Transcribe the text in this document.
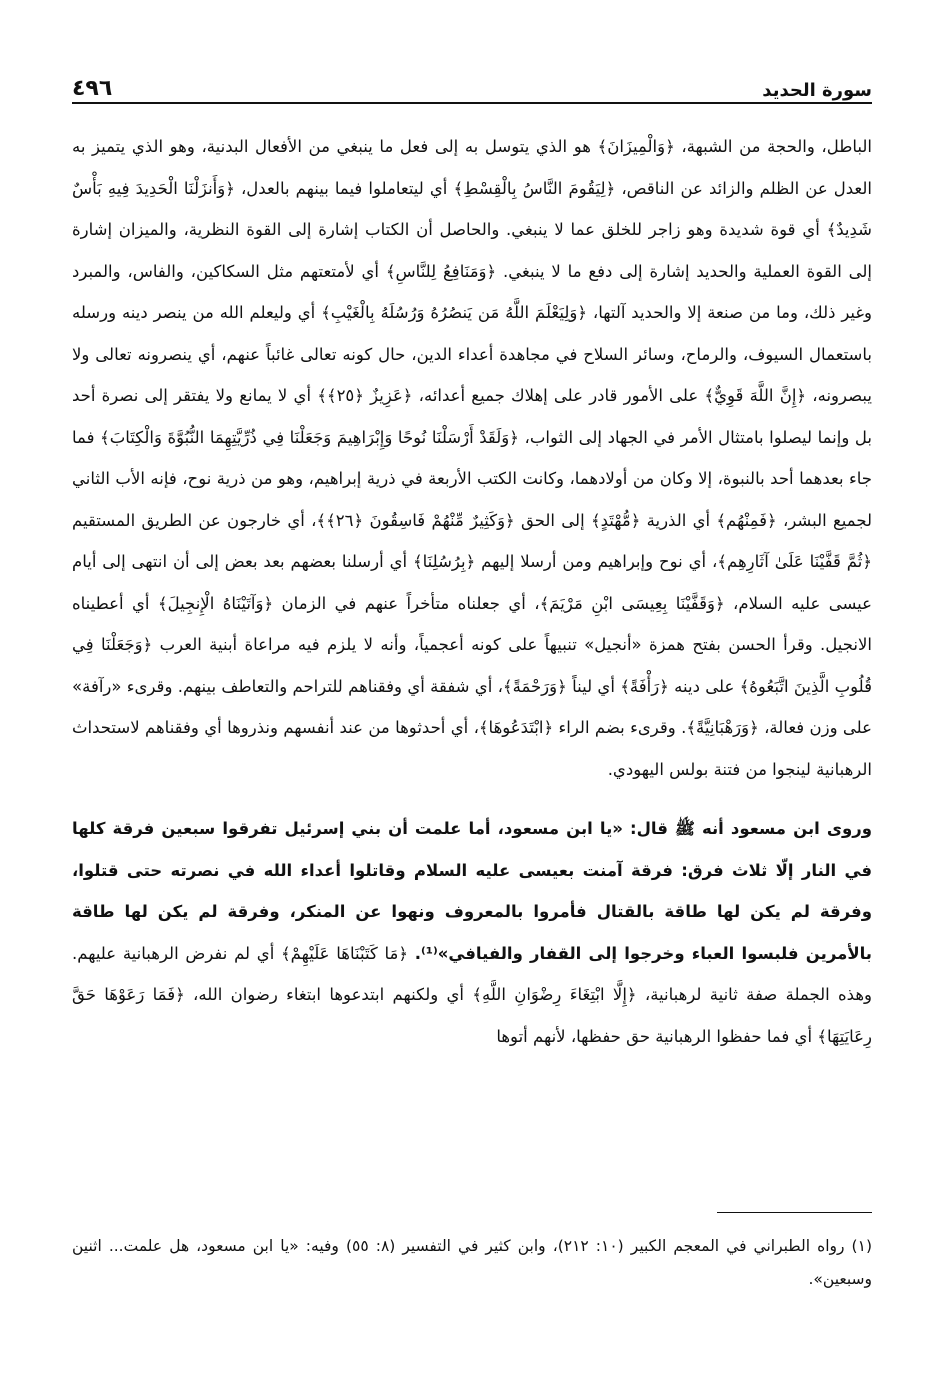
سورة الحديد
٤٩٦

الباطل، والحجة من الشبهة، ﴿وَالْمِيزَانَ﴾ هو الذي يتوسل به إلى فعل ما ينبغي من الأفعال البدنية، وهو الذي يتميز به العدل عن الظلم والزائد عن الناقص، ﴿لِيَقُومَ النَّاسُ بِالْقِسْطِ﴾ أي ليتعاملوا فيما بينهم بالعدل، ﴿وَأَنزَلْنَا الْحَدِيدَ فِيهِ بَأْسٌ شَدِيدٌ﴾ أي قوة شديدة وهو زاجر للخلق عما لا ينبغي. والحاصل أن الكتاب إشارة إلى القوة النظرية، والميزان إشارة إلى القوة العملية والحديد إشارة إلى دفع ما لا ينبغي. ﴿وَمَنَافِعُ لِلنَّاسِ﴾ أي لأمتعتهم مثل السكاكين، والفاس، والمبرد وغير ذلك، وما من صنعة إلا والحديد آلتها، ﴿وَلِيَعْلَمَ اللَّهُ مَن يَنصُرُهُ وَرُسُلَهُ بِالْغَيْبِ﴾ أي وليعلم الله من ينصر دينه ورسله باستعمال السيوف، والرماح، وسائر السلاح في مجاهدة أعداء الدين، حال كونه تعالى غائباً عنهم، أي ينصرونه تعالى ولا يبصرونه، ﴿إِنَّ اللَّهَ قَوِيٌّ﴾ على الأمور قادر على إهلاك جميع أعدائه، ﴿عَزِيزٌ ﴿٢٥﴾﴾ أي لا يمانع ولا يفتقر إلى نصرة أحد بل وإنما ليصلوا بامتثال الأمر في الجهاد إلى الثواب، ﴿وَلَقَدْ أَرْسَلْنَا نُوحًا وَإِبْرَاهِيمَ وَجَعَلْنَا فِي ذُرِّيَّتِهِمَا النُّبُوَّةَ وَالْكِتَابَ﴾ فما جاء بعدهما أحد بالنبوة، إلا وكان من أولادهما، وكانت الكتب الأربعة في ذرية إبراهيم، وهو من ذرية نوح، فإنه الأب الثاني لجميع البشر، ﴿فَمِنْهُم﴾ أي الذرية ﴿مُّهْتَدٍ﴾ إلى الحق ﴿وَكَثِيرٌ مِّنْهُمْ فَاسِقُونَ ﴿٢٦﴾﴾، أي خارجون عن الطريق المستقيم ﴿ثُمَّ قَفَّيْنَا عَلَىٰ آثَارِهِم﴾، أي نوح وإبراهيم ومن أرسلا إليهم ﴿بِرُسُلِنَا﴾ أي أرسلنا بعضهم بعد بعض إلى أن انتهى إلى أيام عيسى عليه السلام، ﴿وَقَفَّيْنَا بِعِيسَى ابْنِ مَرْيَمَ﴾، أي جعلناه متأخراً عنهم في الزمان ﴿وَآتَيْنَاهُ الْإِنجِيلَ﴾ أي أعطيناه الانجيل. وقرأ الحسن بفتح همزة «أنجيل» تنبيهاً على كونه أعجمياً، وأنه لا يلزم فيه مراعاة أبنية العرب ﴿وَجَعَلْنَا فِي قُلُوبِ الَّذِينَ اتَّبَعُوهُ﴾ على دينه ﴿رَأْفَةً﴾ أي ليناً ﴿وَرَحْمَةً﴾، أي شفقة أي وفقناهم للتراحم والتعاطف بينهم. وقرىء «رآفة» على وزن فعالة، ﴿وَرَهْبَانِيَّةً﴾. وقرىء بضم الراء ﴿ابْتَدَعُوهَا﴾، أي أحدثوها من عند أنفسهم ونذروها أي وفقناهم لاستحداث الرهبانية لينجوا من فتنة بولس اليهودي.

وروى ابن مسعود أنه ﷺ قال: «يا ابن مسعود، أما علمت أن بني إسرئيل تفرقوا سبعين فرقة كلها في النار إلّا ثلاث فرق: فرقة آمنت بعيسى عليه السلام وقاتلوا أعداء الله في نصرته حتى قتلوا، وفرقة لم يكن لها طاقة بالقتال فأمروا بالمعروف ونهوا عن المنكر، وفرقة لم يكن لها طاقة بالأمرين فلبسوا العباء وخرجوا إلى القفار والفيافي»⁽¹⁾. ﴿مَا كَتَبْنَاهَا عَلَيْهِمْ﴾ أي لم نفرض الرهبانية عليهم. وهذه الجملة صفة ثانية لرهبانية، ﴿إِلَّا ابْتِغَاءَ رِضْوَانِ اللَّهِ﴾ أي ولكنهم ابتدعوها ابتغاء رضوان الله، ﴿فَمَا رَعَوْهَا حَقَّ رِعَايَتِهَا﴾ أي فما حفظوا الرهبانية حق حفظها، لأنهم أتوها

(١) رواه الطبراني في المعجم الكبير (١٠: ٢١٢)، وابن كثير في التفسير (٨: ٥٥) وفيه: «يا ابن مسعود، هل علمت... اثنين وسبعين».
